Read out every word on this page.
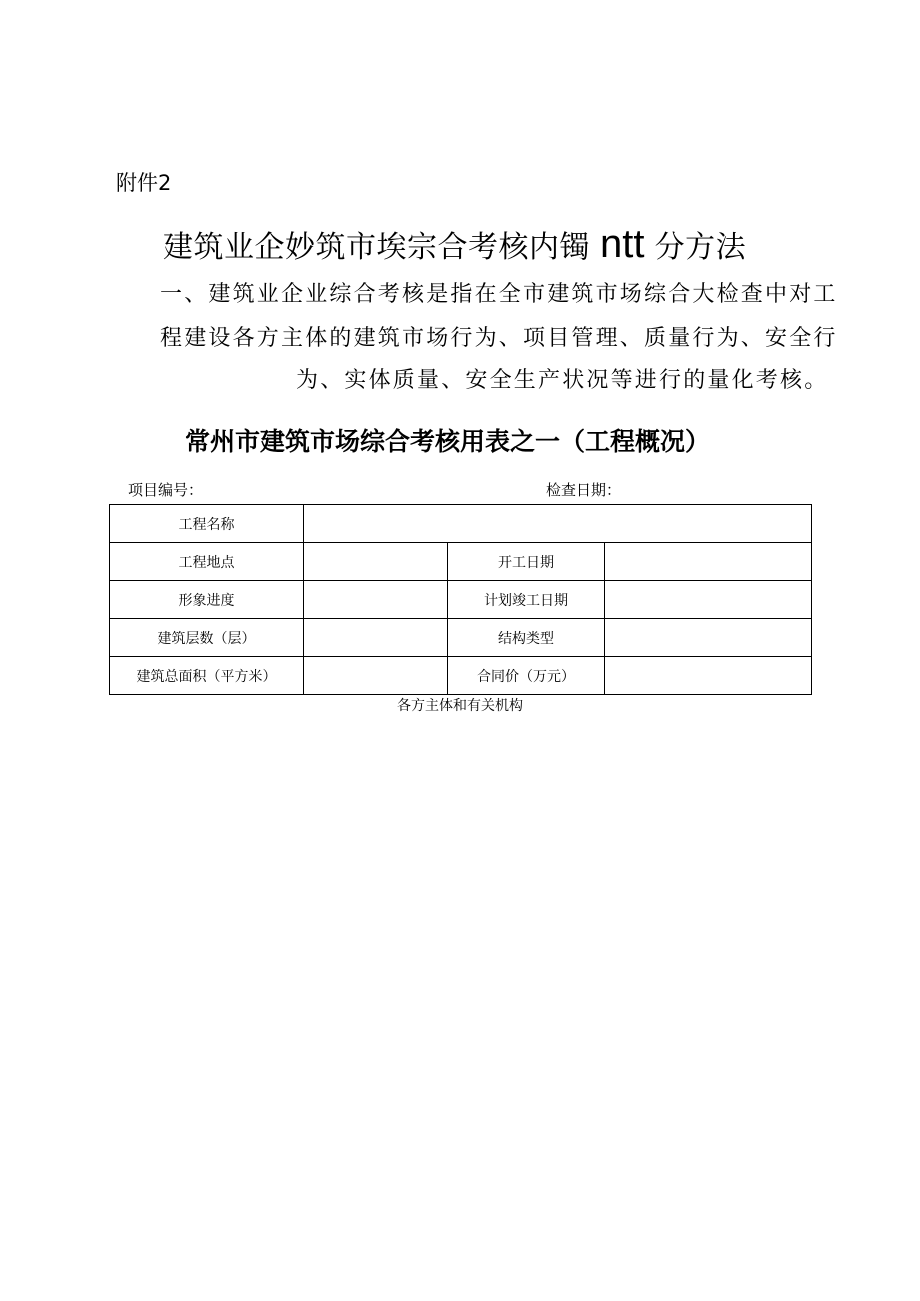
附件2
建筑业企妙筑市埃宗合考核内镯 ntt 分方法
一、建筑业企业综合考核是指在全市建筑市场综合大检查中对工
程建设各方主体的建筑市场行为、项目管理、质量行为、安全行
为、实体质量、安全生产状况等进行的量化考核。
常州市建筑市场综合考核用表之一（工程概况）
项目编号：	检查日期：
工程名称			
工程地点		开工日期	
形象进度		计划竣工日期	
建筑层数（层）		结构类型	
建筑总面积（平方米）		合同价（万元）	
各方主体和有关机构
